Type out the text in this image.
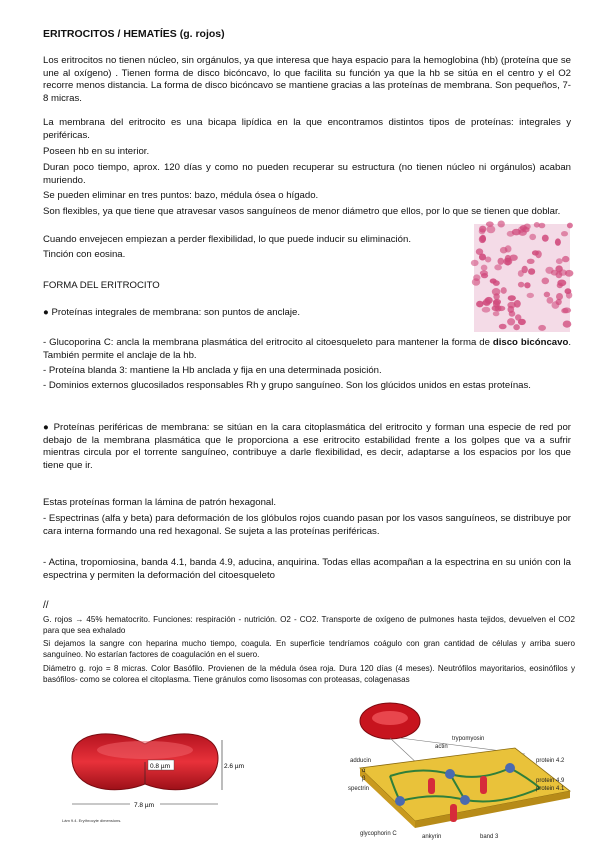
ERITROCITOS / HEMATÍES (g. rojos)
Los eritrocitos no tienen núcleo, sin orgánulos, ya que interesa que haya espacio para la hemoglobina (hb) (proteína que se une al oxígeno) . Tienen forma de disco bicóncavo, lo que facilita su función ya que la hb se sitúa en el centro y el O2 recorre menos distancia. La forma de disco bicóncavo se mantiene gracias a las proteínas de membrana. Son pequeños, 7-8 micras.
La membrana del eritrocito es una bicapa lipídica en la que encontramos distintos tipos de proteínas: integrales y periféricas.
Poseen hb en su interior.
Duran poco tiempo, aprox. 120 días y como no pueden recuperar su estructura (no tienen núcleo ni orgánulos) acaban muriendo.
Se pueden eliminar en tres puntos: bazo, médula ósea o hígado.
Son flexibles, ya que tiene que atravesar vasos sanguíneos de menor diámetro que ellos, por lo que se tienen que doblar.
Cuando envejecen empiezan a perder flexibilidad, lo que puede inducir su eliminación.
Tinción con eosina.
FORMA DEL ERITROCITO
● Proteínas integrales de membrana: son puntos de anclaje.
- Glucoporina C: ancla la membrana plasmática del eritrocito al citoesqueleto para mantener la forma de disco bicóncavo. También permite el anclaje de la hb.
- Proteína blanda 3: mantiene la Hb anclada y fija en una determinada posición.
- Dominios externos glucosilados responsables Rh y grupo sanguíneo. Son los glúcidos unidos en estas proteínas.
● Proteínas periféricas de membrana: se sitúan en la cara citoplasmática del eritrocito y forman una especie de red por debajo de la membrana plasmática que le proporciona a ese eritrocito estabilidad frente a los golpes que va a sufrir mientras circula por el torrente sanguíneo, contribuye a darle flexibilidad, es decir, adaptarse a los espacios por los que tiene que ir.
Estas proteínas forman la lámina de patrón hexagonal.
- Espectrinas (alfa y beta) para deformación de los glóbulos rojos cuando pasan por los vasos sanguíneos, se distribuye por cara interna formando una red hexagonal. Se sujeta a las proteínas periféricas.
- Actina, tropomiosina, banda 4.1, banda 4.9, aducina, anquirina. Todas ellas acompañan a la espectrina en su unión con la espectrina y permiten la deformación del citoesqueleto
//
G. rojos → 45% hematocrito. Funciones: respiración - nutrición. O2 - CO2. Transporte de oxígeno de pulmones hasta tejidos, devuelven el CO2 para que sea exhalado
Si dejamos la sangre con heparina mucho tiempo, coagula. En superficie tendríamos coágulo con gran cantidad de células y arriba suero sanguíneo. No estarían factores de coagulación en el suero.
Diámetro g. rojo = 8 micras. Color Basófilo. Provienen de la médula ósea roja. Dura 120 días (4 meses). Neutrófilos mayoritarios, eosinófilos y basófilos- como se colorea el citoplasma. Tiene gránulos como lisosomas con proteasas, colagenasas
0.8 µm	2.6 µm
7.8 µm
Lám 9.4. Erythrocyte dimensions.
actin
trypomyosin
adducin
α
β
spectrin
protein 4.2
protein 4.9
protein 4.1
glycophorin C	ankyrin	band 3
